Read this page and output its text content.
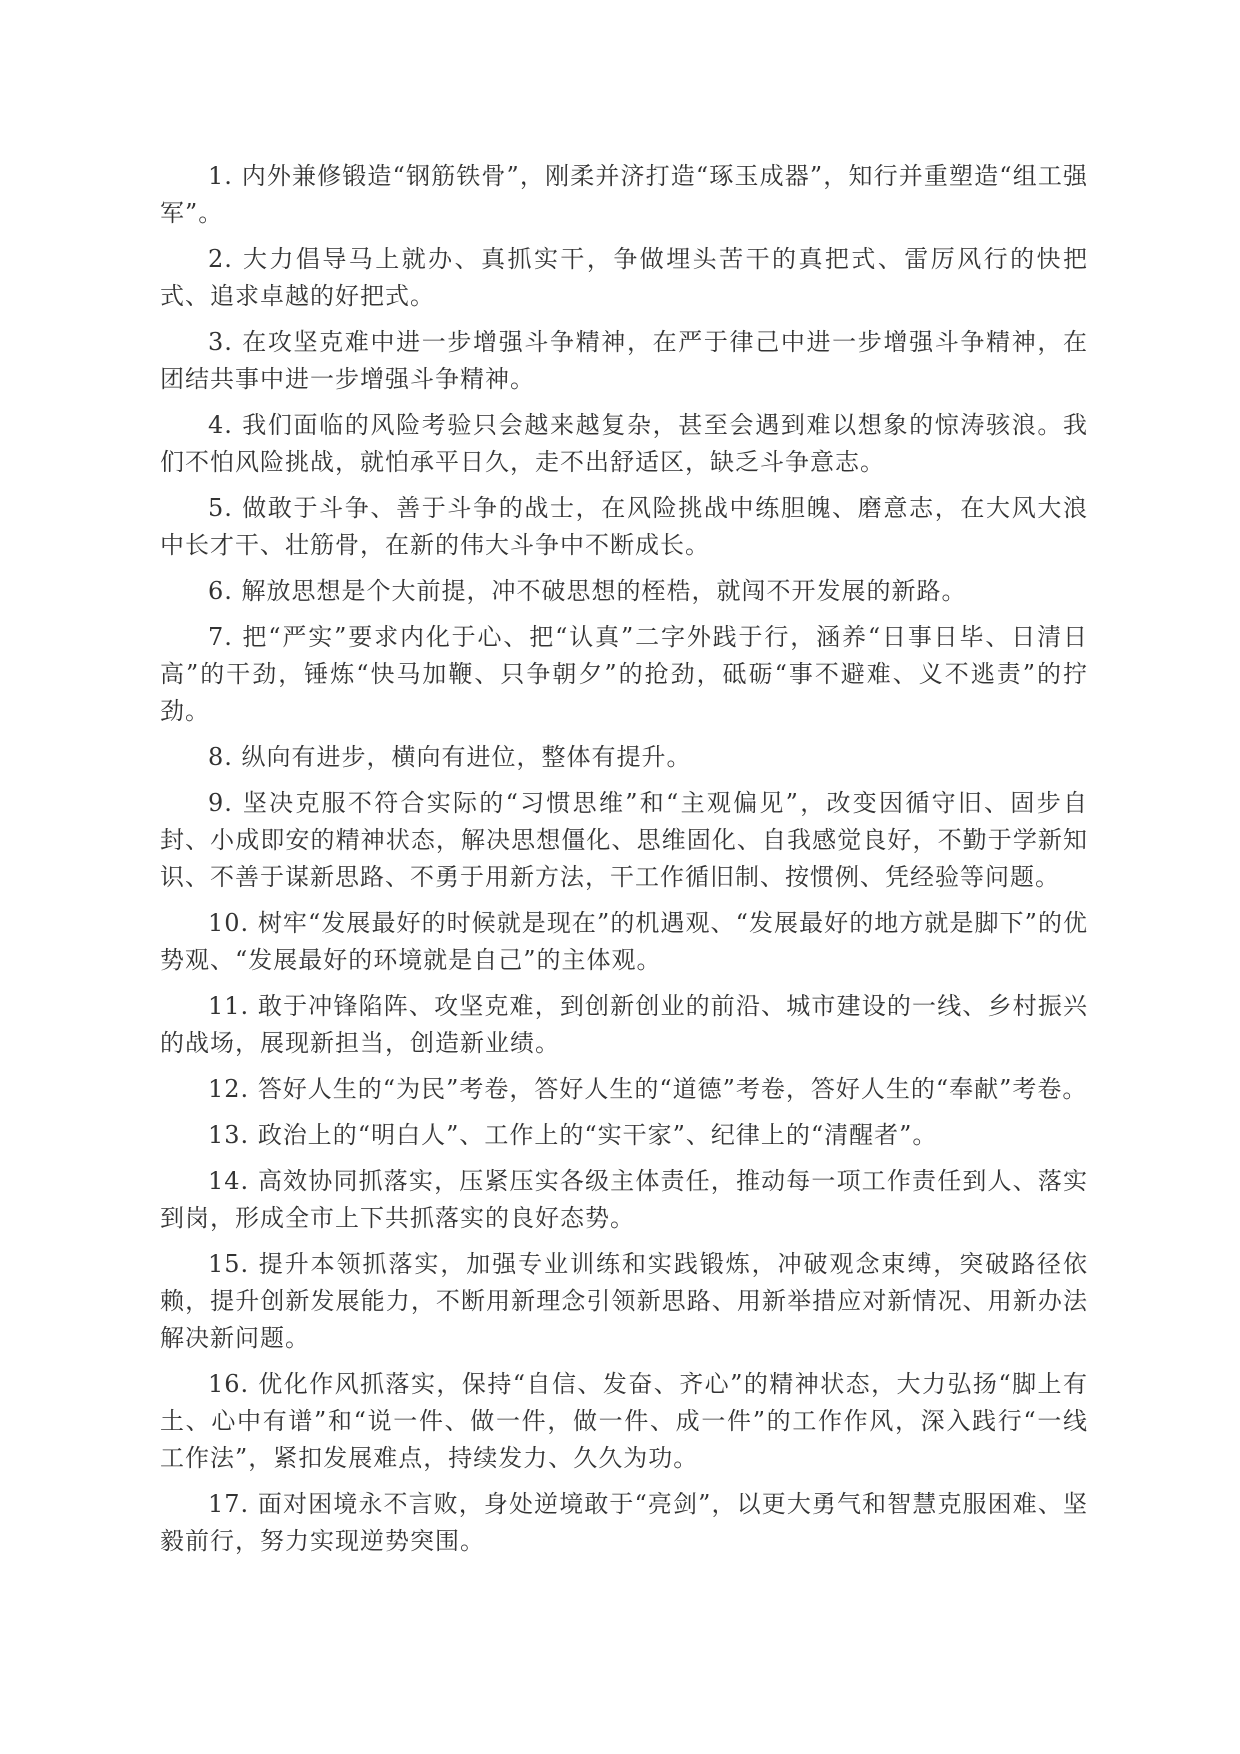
1. 内外兼修锻造“钢筋铁骨”，刚柔并济打造“琢玉成器”，知行并重塑造“组工强军”。

2. 大力倡导马上就办、真抓实干，争做埋头苦干的真把式、雷厉风行的快把式、追求卓越的好把式。

3. 在攻坚克难中进一步增强斗争精神，在严于律己中进一步增强斗争精神，在团结共事中进一步增强斗争精神。

4. 我们面临的风险考验只会越来越复杂，甚至会遇到难以想象的惊涛骇浪。我们不怕风险挑战，就怕承平日久，走不出舒适区，缺乏斗争意志。

5. 做敢于斗争、善于斗争的战士，在风险挑战中练胆魄、磨意志，在大风大浪中长才干、壮筋骨，在新的伟大斗争中不断成长。

6. 解放思想是个大前提，冲不破思想的桎梏，就闯不开发展的新路。

7. 把“严实”要求内化于心、把“认真”二字外践于行，涵养“日事日毕、日清日高”的干劲，锤炼“快马加鞭、只争朝夕”的抢劲，砥砺“事不避难、义不逃责”的拧劲。

8. 纵向有进步，横向有进位，整体有提升。

9. 坚决克服不符合实际的“习惯思维”和“主观偏见”，改变因循守旧、固步自封、小成即安的精神状态，解决思想僵化、思维固化、自我感觉良好，不勤于学新知识、不善于谋新思路、不勇于用新方法，干工作循旧制、按惯例、凭经验等问题。

10. 树牢“发展最好的时候就是现在”的机遇观、“发展最好的地方就是脚下”的优势观、“发展最好的环境就是自己”的主体观。

11. 敢于冲锋陷阵、攻坚克难，到创新创业的前沿、城市建设的一线、乡村振兴的战场，展现新担当，创造新业绩。

12. 答好人生的“为民”考卷，答好人生的“道德”考卷，答好人生的“奉献”考卷。

13. 政治上的“明白人”、工作上的“实干家”、纪律上的“清醒者”。

14. 高效协同抓落实，压紧压实各级主体责任，推动每一项工作责任到人、落实到岗，形成全市上下共抓落实的良好态势。

15. 提升本领抓落实，加强专业训练和实践锻炼，冲破观念束缚，突破路径依赖，提升创新发展能力，不断用新理念引领新思路、用新举措应对新情况、用新办法解决新问题。

16. 优化作风抓落实，保持“自信、发奋、齐心”的精神状态，大力弘扬“脚上有土、心中有谱”和“说一件、做一件，做一件、成一件”的工作作风，深入践行“一线工作法”，紧扣发展难点，持续发力、久久为功。

17. 面对困境永不言败，身处逆境敢于“亮剑”，以更大勇气和智慧克服困难、坚毅前行，努力实现逆势突围。
